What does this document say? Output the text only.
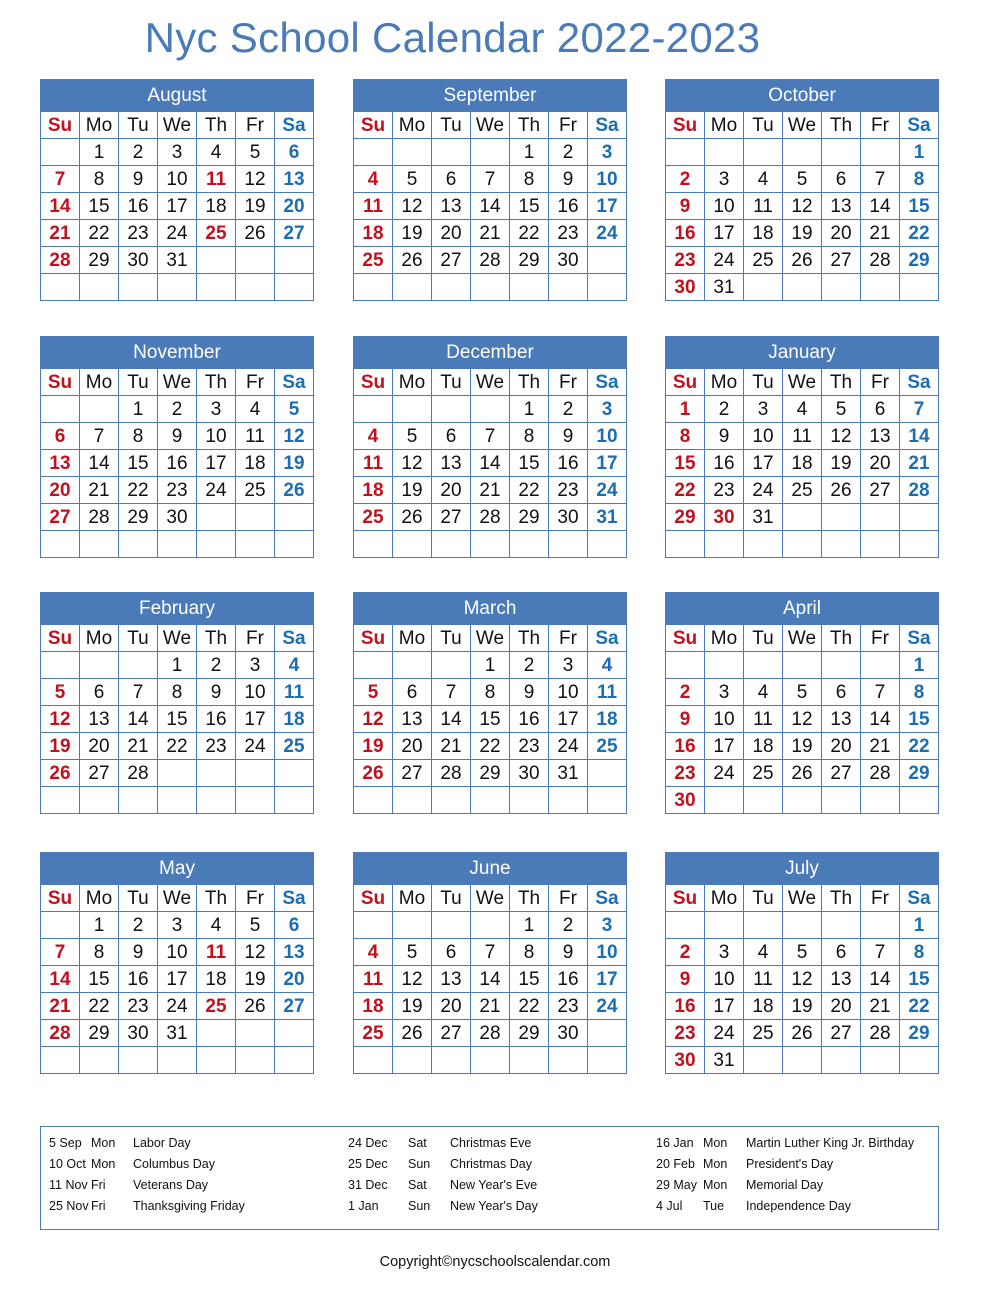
Nyc School Calendar 2022-2023
August
Su	Mo	Tu	We	Th	Fr	Sa
	1	2	3	4	5	6
7	8	9	10	11	12	13
14	15	16	17	18	19	20
21	22	23	24	25	26	27
28	29	30	31			

September
Su	Mo	Tu	We	Th	Fr	Sa
				1	2	3
4	5	6	7	8	9	10
11	12	13	14	15	16	17
18	19	20	21	22	23	24
25	26	27	28	29	30	

October
Su	Mo	Tu	We	Th	Fr	Sa
						1
2	3	4	5	6	7	8
9	10	11	12	13	14	15
16	17	18	19	20	21	22
23	24	25	26	27	28	29
30	31					
November
Su	Mo	Tu	We	Th	Fr	Sa
		1	2	3	4	5
6	7	8	9	10	11	12
13	14	15	16	17	18	19
20	21	22	23	24	25	26
27	28	29	30			

December
Su	Mo	Tu	We	Th	Fr	Sa
				1	2	3
4	5	6	7	8	9	10
11	12	13	14	15	16	17
18	19	20	21	22	23	24
25	26	27	28	29	30	31

January
Su	Mo	Tu	We	Th	Fr	Sa
1	2	3	4	5	6	7
8	9	10	11	12	13	14
15	16	17	18	19	20	21
22	23	24	25	26	27	28
29	30	31				

February
Su	Mo	Tu	We	Th	Fr	Sa
			1	2	3	4
5	6	7	8	9	10	11
12	13	14	15	16	17	18
19	20	21	22	23	24	25
26	27	28				

March
Su	Mo	Tu	We	Th	Fr	Sa
			1	2	3	4
5	6	7	8	9	10	11
12	13	14	15	16	17	18
19	20	21	22	23	24	25
26	27	28	29	30	31	

April
Su	Mo	Tu	We	Th	Fr	Sa
						1
2	3	4	5	6	7	8
9	10	11	12	13	14	15
16	17	18	19	20	21	22
23	24	25	26	27	28	29
30						
May
Su	Mo	Tu	We	Th	Fr	Sa
	1	2	3	4	5	6
7	8	9	10	11	12	13
14	15	16	17	18	19	20
21	22	23	24	25	26	27
28	29	30	31			

June
Su	Mo	Tu	We	Th	Fr	Sa
				1	2	3
4	5	6	7	8	9	10
11	12	13	14	15	16	17
18	19	20	21	22	23	24
25	26	27	28	29	30	

July
Su	Mo	Tu	We	Th	Fr	Sa
						1
2	3	4	5	6	7	8
9	10	11	12	13	14	15
16	17	18	19	20	21	22
23	24	25	26	27	28	29
30	31					
5 Sep Mon Labor Day
10 Oct Mon Columbus Day
11 Nov Fri Veterans Day
25 Nov Fri Thanksgiving Friday
24 Dec Sat Christmas Eve
25 Dec Sun Christmas Day
31 Dec Sat New Year's Eve
1 Jan Sun New Year's Day
16 Jan Mon Martin Luther King Jr. Birthday
20 Feb Mon President's Day
29 May Mon Memorial Day
4 Jul Tue Independence Day
Copyright©nycschoolscalendar.com
